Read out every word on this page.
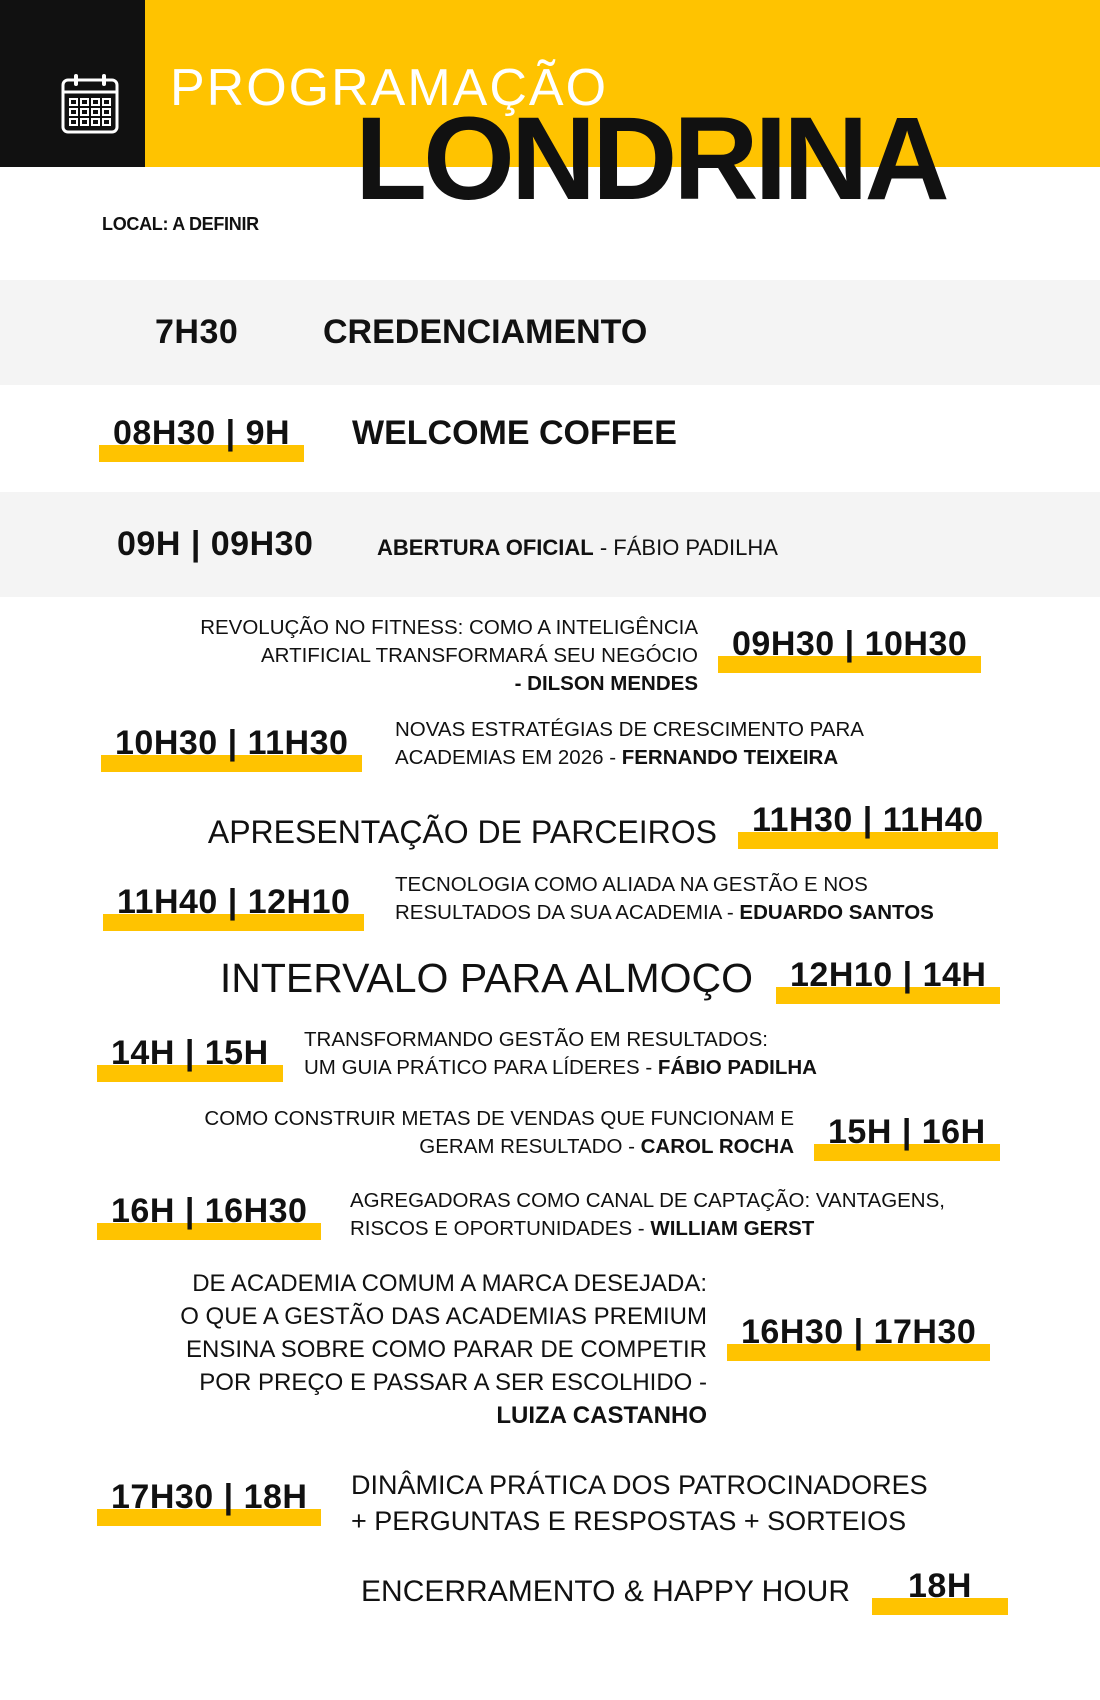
PROGRAMAÇÃO
LONDRINA
LOCAL: A DEFINIR
7H30 CREDENCIAMENTO
08H30 | 9H WELCOME COFFEE
09H | 09H30	ABERTURA OFICIAL - FÁBIO PADILHA
REVOLUÇÃO NO FITNESS: COMO A INTELIGÊNCIA
ARTIFICIAL TRANSFORMARÁ SEU NEGÓCIO
- DILSON MENDES
09H30 | 10H30
10H30 | 11H30 NOVAS ESTRATÉGIAS DE CRESCIMENTO PARA
ACADEMIAS EM 2026 - FERNANDO TEIXEIRA
APRESENTAÇÃO DE PARCEIROS 11H30 | 11H40
11H40 | 12H10 TECNOLOGIA COMO ALIADA NA GESTÃO E NOS
RESULTADOS DA SUA ACADEMIA - EDUARDO SANTOS
INTERVALO PARA ALMOÇO 12H10 | 14H
14H | 15H TRANSFORMANDO GESTÃO EM RESULTADOS:
UM GUIA PRÁTICO PARA LÍDERES - FÁBIO PADILHA
COMO CONSTRUIR METAS DE VENDAS QUE FUNCIONAM E
GERAM RESULTADO - CAROL ROCHA 15H | 16H
16H | 16H30 AGREGADORAS COMO CANAL DE CAPTAÇÃO: VANTAGENS,
RISCOS E OPORTUNIDADES - WILLIAM GERST
DE ACADEMIA COMUM A MARCA DESEJADA:
O QUE A GESTÃO DAS ACADEMIAS PREMIUM
ENSINA SOBRE COMO PARAR DE COMPETIR
POR PREÇO E PASSAR A SER ESCOLHIDO -
LUIZA CASTANHO
16H30 | 17H30
17H30 | 18H DINÂMICA PRÁTICA DOS PATROCINADORES
+ PERGUNTAS E RESPOSTAS + SORTEIOS
ENCERRAMENTO & HAPPY HOUR 18H
